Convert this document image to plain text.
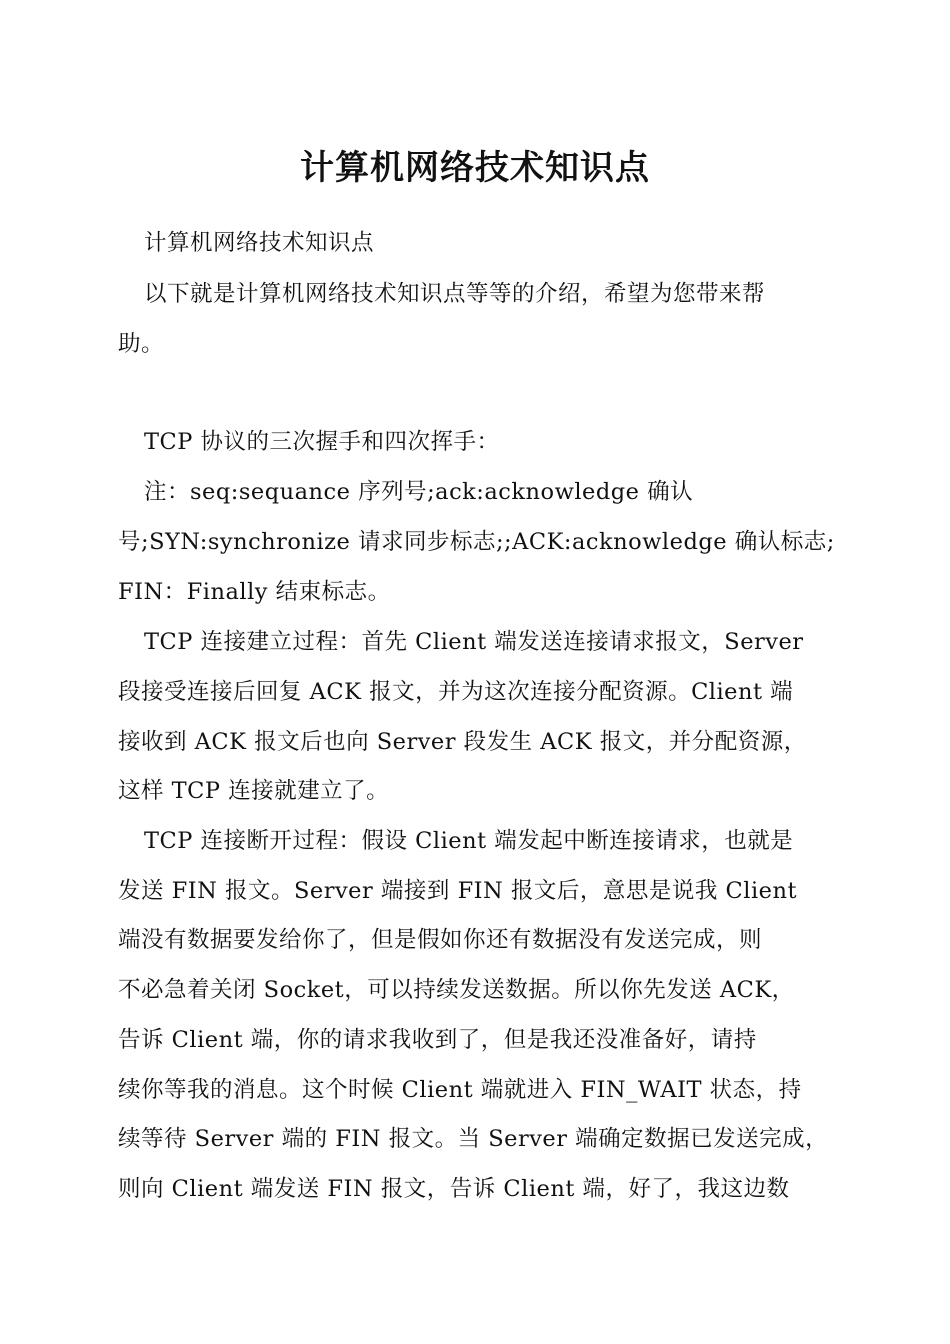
计算机网络技术知识点
计算机网络技术知识点
以下就是计算机网络技术知识点等等的介绍，希望为您带来帮
助。
TCP 协议的三次握手和四次挥手：
注：seq:sequance 序列号;ack:acknowledge 确认
号;SYN:synchronize 请求同步标志;;ACK:acknowledge 确认标志;
FIN：Finally 结束标志。
TCP 连接建立过程：首先 Client 端发送连接请求报文，Server
段接受连接后回复 ACK 报文，并为这次连接分配资源。Client 端
接收到 ACK 报文后也向 Server 段发生 ACK 报文，并分配资源，
这样 TCP 连接就建立了。
TCP 连接断开过程：假设 Client 端发起中断连接请求，也就是
发送 FIN 报文。Server 端接到 FIN 报文后，意思是说我 Client
端没有数据要发给你了，但是假如你还有数据没有发送完成，则
不必急着关闭 Socket，可以持续发送数据。所以你先发送 ACK，
告诉 Client 端，你的请求我收到了，但是我还没准备好，请持
续你等我的消息。这个时候 Client 端就进入 FIN_WAIT 状态，持
续等待 Server 端的 FIN 报文。当 Server 端确定数据已发送完成，
则向 Client 端发送 FIN 报文，告诉 Client 端，好了，我这边数
